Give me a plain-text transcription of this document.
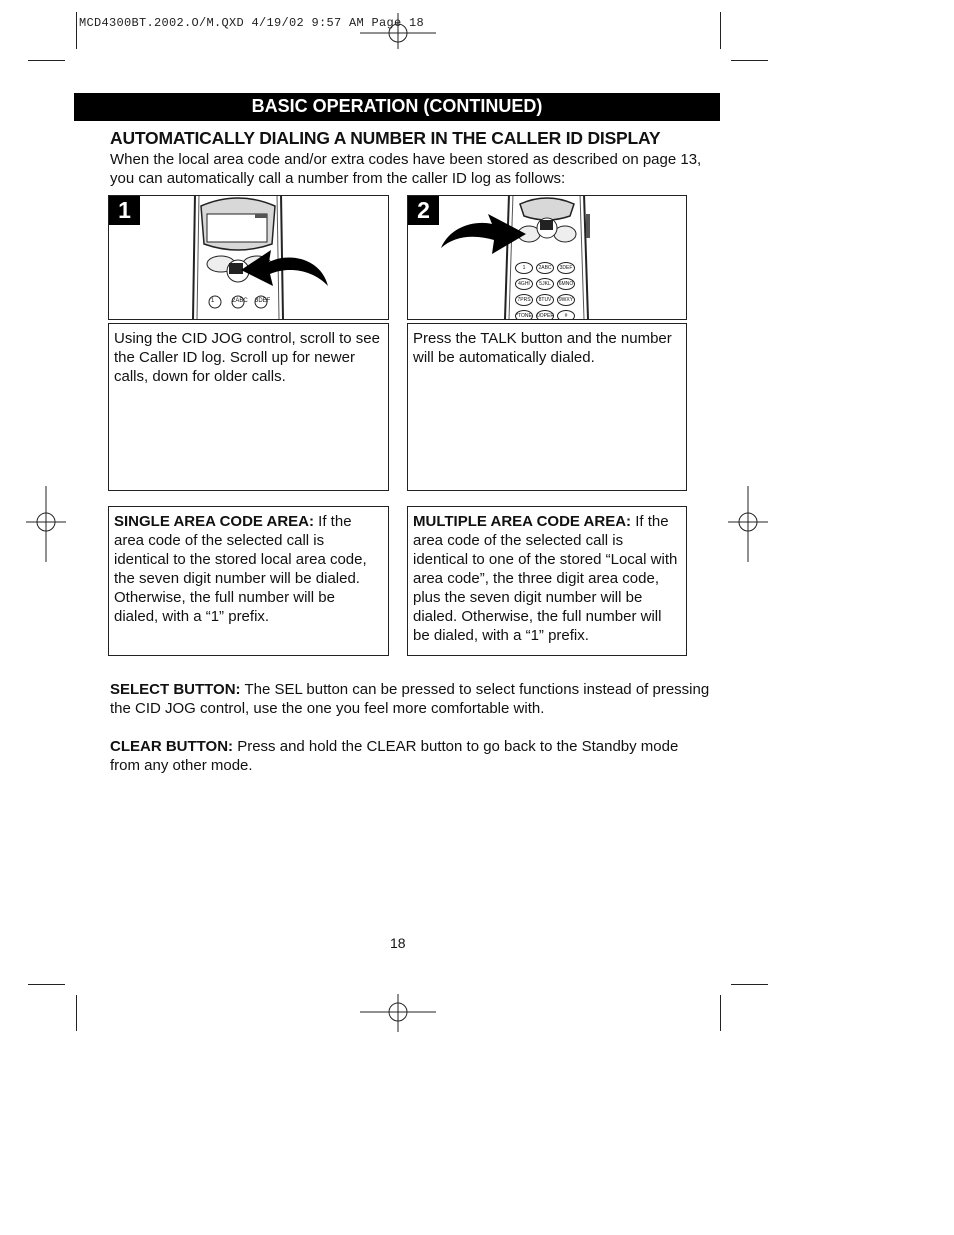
MCD4300BT.2002.O/M.QXD 4/19/02 9:57 AM Page 18
BASIC OPERATION (CONTINUED)
AUTOMATICALLY DIALING A NUMBER IN THE CALLER ID DISPLAY
When the local area code and/or extra codes have been stored as described on page 13, you can automatically call a number from the caller ID log as follows:
1
1	2ABC 3DEF
2
1	2ABC	3DEF
4GHI	5JKL	6MNO
7PRS	8TUV	9WXY
*TONE 0OPER	#
Using the CID JOG control, scroll to see the Caller ID log. Scroll up for newer calls, down for older calls.
Press the TALK button and the number will be automatically dialed.
SINGLE AREA CODE AREA: If the area code of the selected call is identical to the stored local area code, the seven digit number will be dialed. Otherwise, the full number will be dialed, with a “1” prefix.
MULTIPLE AREA CODE AREA: If the area code of the selected call is identical to one of the stored “Local with area code”, the three digit area code, plus the seven digit number will be dialed. Otherwise, the full number will be dialed, with a “1” prefix.
SELECT BUTTON: The SEL button can be pressed to select functions instead of pressing the CID JOG control, use the one you feel more comfortable with.
CLEAR BUTTON: Press and hold the CLEAR button to go back to the Standby mode from any other mode.
18
